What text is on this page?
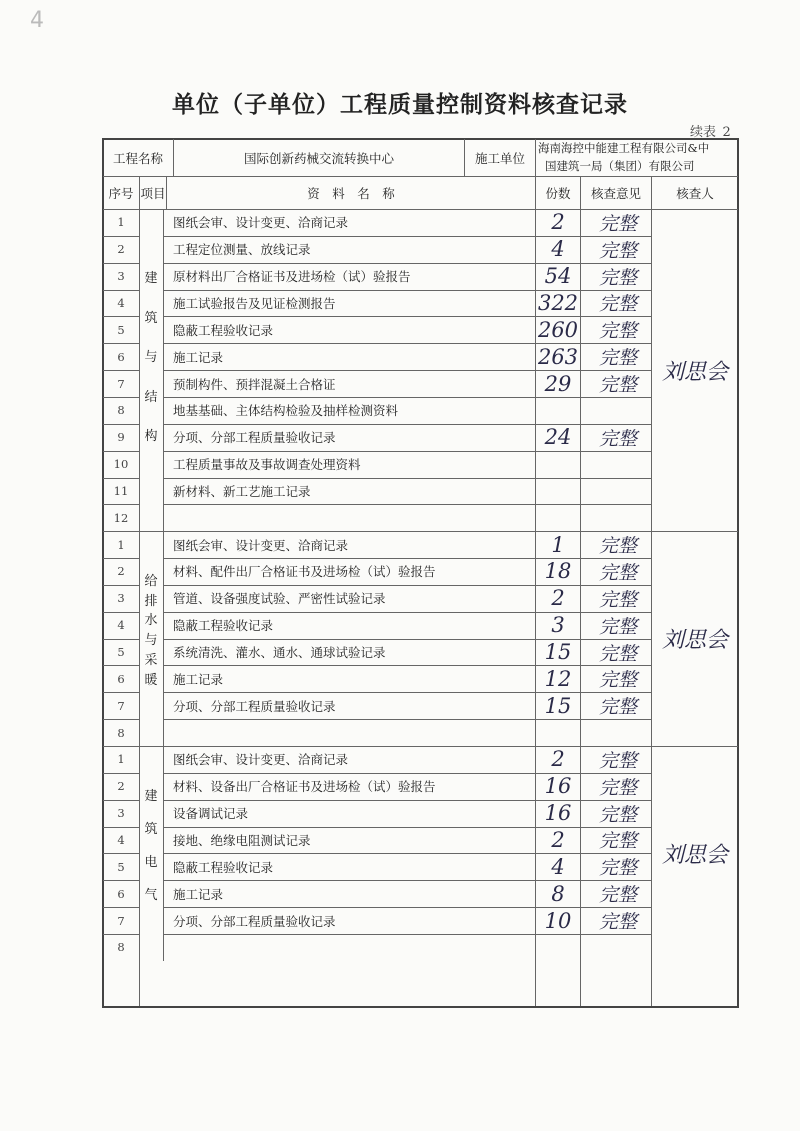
4
单位（子单位）工程质量控制资料核查记录
续表_2
工程名称	国际创新药械交流转换中心	施工单位
海南海控中能建工程有限公司&中
国建筑一局（集团）有限公司
序号 项目	资　料　名　称	份数	核查意见	核查人
建
筑
与
结
构
刘思会
1	图纸会审、设计变更、洽商记录	2	完整
2	工程定位测量、放线记录	4	完整
3	原材料出厂合格证书及进场检（试）验报告	54	完整
4	施工试验报告及见证检测报告	322	完整
5	隐蔽工程验收记录	260	完整
6	施工记录	263	完整
7	预制构件、预拌混凝土合格证	29	完整
8	地基基础、主体结构检验及抽样检测资料
9	分项、分部工程质量验收记录	24	完整
10	工程质量事故及事故调查处理资料
11	新材料、新工艺施工记录
12
给
排
水
与
采
暖
刘思会
1	图纸会审、设计变更、洽商记录	1	完整
2	材料、配件出厂合格证书及进场检（试）验报告	18	完整
3	管道、设备强度试验、严密性试验记录	2	完整
4	隐蔽工程验收记录	3	完整
5	系统清洗、灌水、通水、通球试验记录	15	完整
6	施工记录	12	完整
7	分项、分部工程质量验收记录	15	完整
8
建
筑
电
气
刘思会
1	图纸会审、设计变更、洽商记录	2	完整
2	材料、设备出厂合格证书及进场检（试）验报告	16	完整
3	设备调试记录	16	完整
4	接地、绝缘电阻测试记录	2	完整
5	隐蔽工程验收记录	4	完整
6	施工记录	8	完整
7	分项、分部工程质量验收记录	10	完整
8
